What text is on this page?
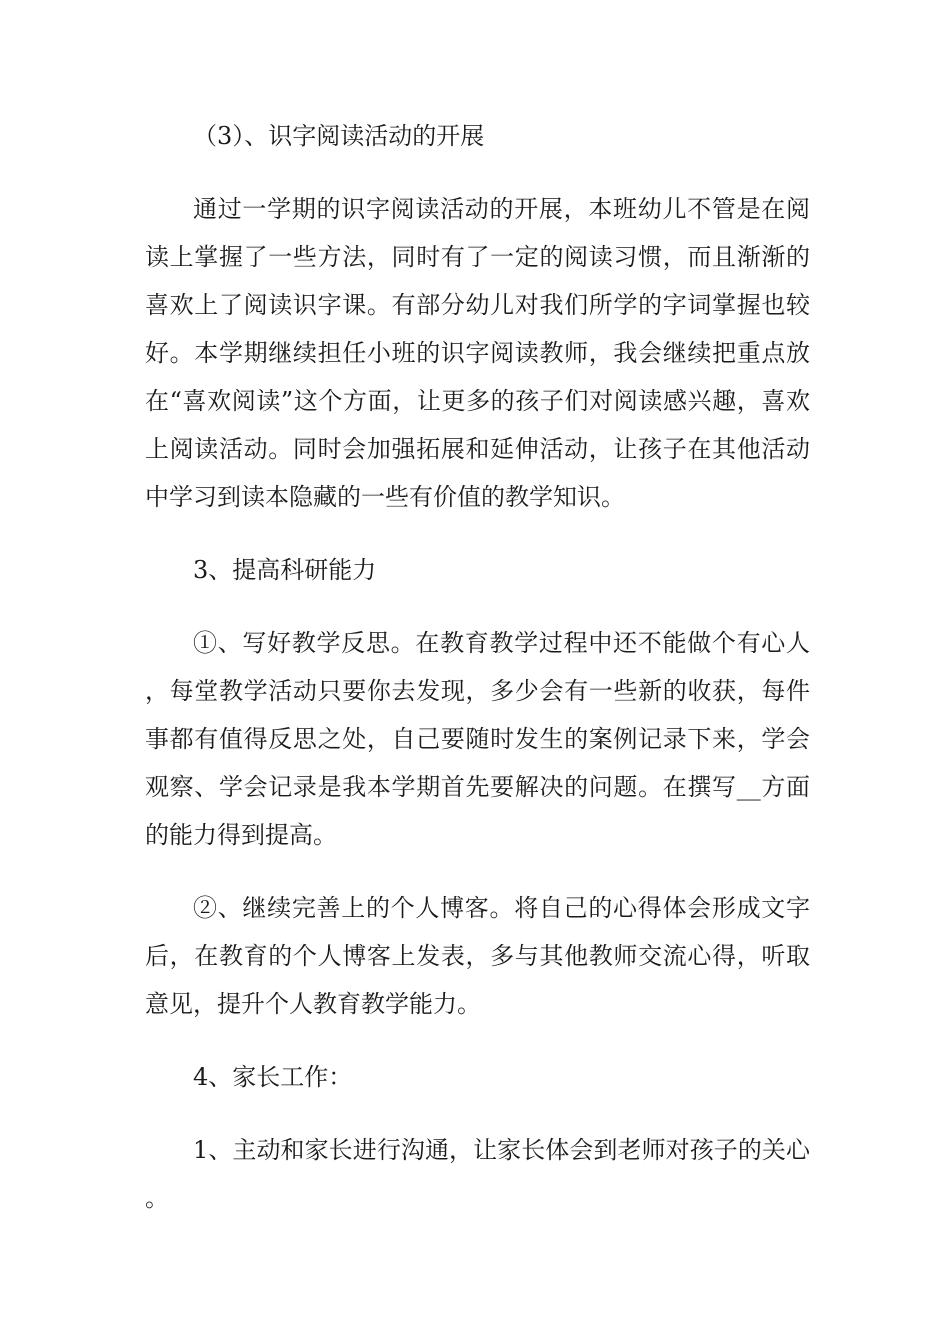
（3）、识字阅读活动的开展

通过一学期的识字阅读活动的开展，本班幼儿不管是在阅读上掌握了一些方法，同时有了一定的阅读习惯，而且渐渐的喜欢上了阅读识字课。有部分幼儿对我们所学的字词掌握也较好。本学期继续担任小班的识字阅读教师，我会继续把重点放在“喜欢阅读”这个方面，让更多的孩子们对阅读感兴趣，喜欢上阅读活动。同时会加强拓展和延伸活动，让孩子在其他活动中学习到读本隐藏的一些有价值的教学知识。

3、提高科研能力

①、写好教学反思。在教育教学过程中还不能做个有心人，每堂教学活动只要你去发现，多少会有一些新的收获，每件事都有值得反思之处，自己要随时发生的案例记录下来，学会观察、学会记录是我本学期首先要解决的问题。在撰写__方面的能力得到提高。

②、继续完善上的个人博客。将自己的心得体会形成文字后，在教育的个人博客上发表，多与其他教师交流心得，听取意见，提升个人教育教学能力。

4、家长工作：

1、主动和家长进行沟通，让家长体会到老师对孩子的关心。
